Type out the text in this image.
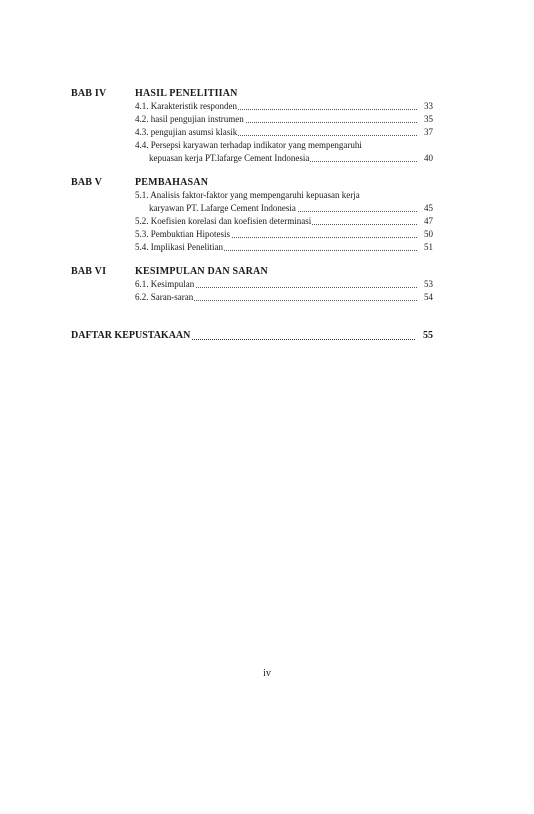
BAB IV	HASIL PENELITIIAN
4.1. Karakteristik responden	33
4.2. hasil pengujian instrumen	35
4.3. pengujian asumsi klasik	37
4.4. Persepsi karyawan terhadap indikator yang mempengaruhi
kepuasan kerja PT.lafarge Cement Indonesia	40
BAB V	PEMBAHASAN
5.1. Analisis faktor-faktor yang mempengaruhi kepuasan kerja
karyawan PT. Lafarge Cement Indonesia	45
5.2. Koefisien korelasi dan koefisien determinasi	47
5.3. Pembuktian Hipotesis	50
5.4. Implikasi Penelitian	51
BAB VI	KESIMPULAN DAN SARAN
6.1. Kesimpulan	53
6.2. Saran-saran	54
DAFTAR KEPUSTAKAAN	55
iv
